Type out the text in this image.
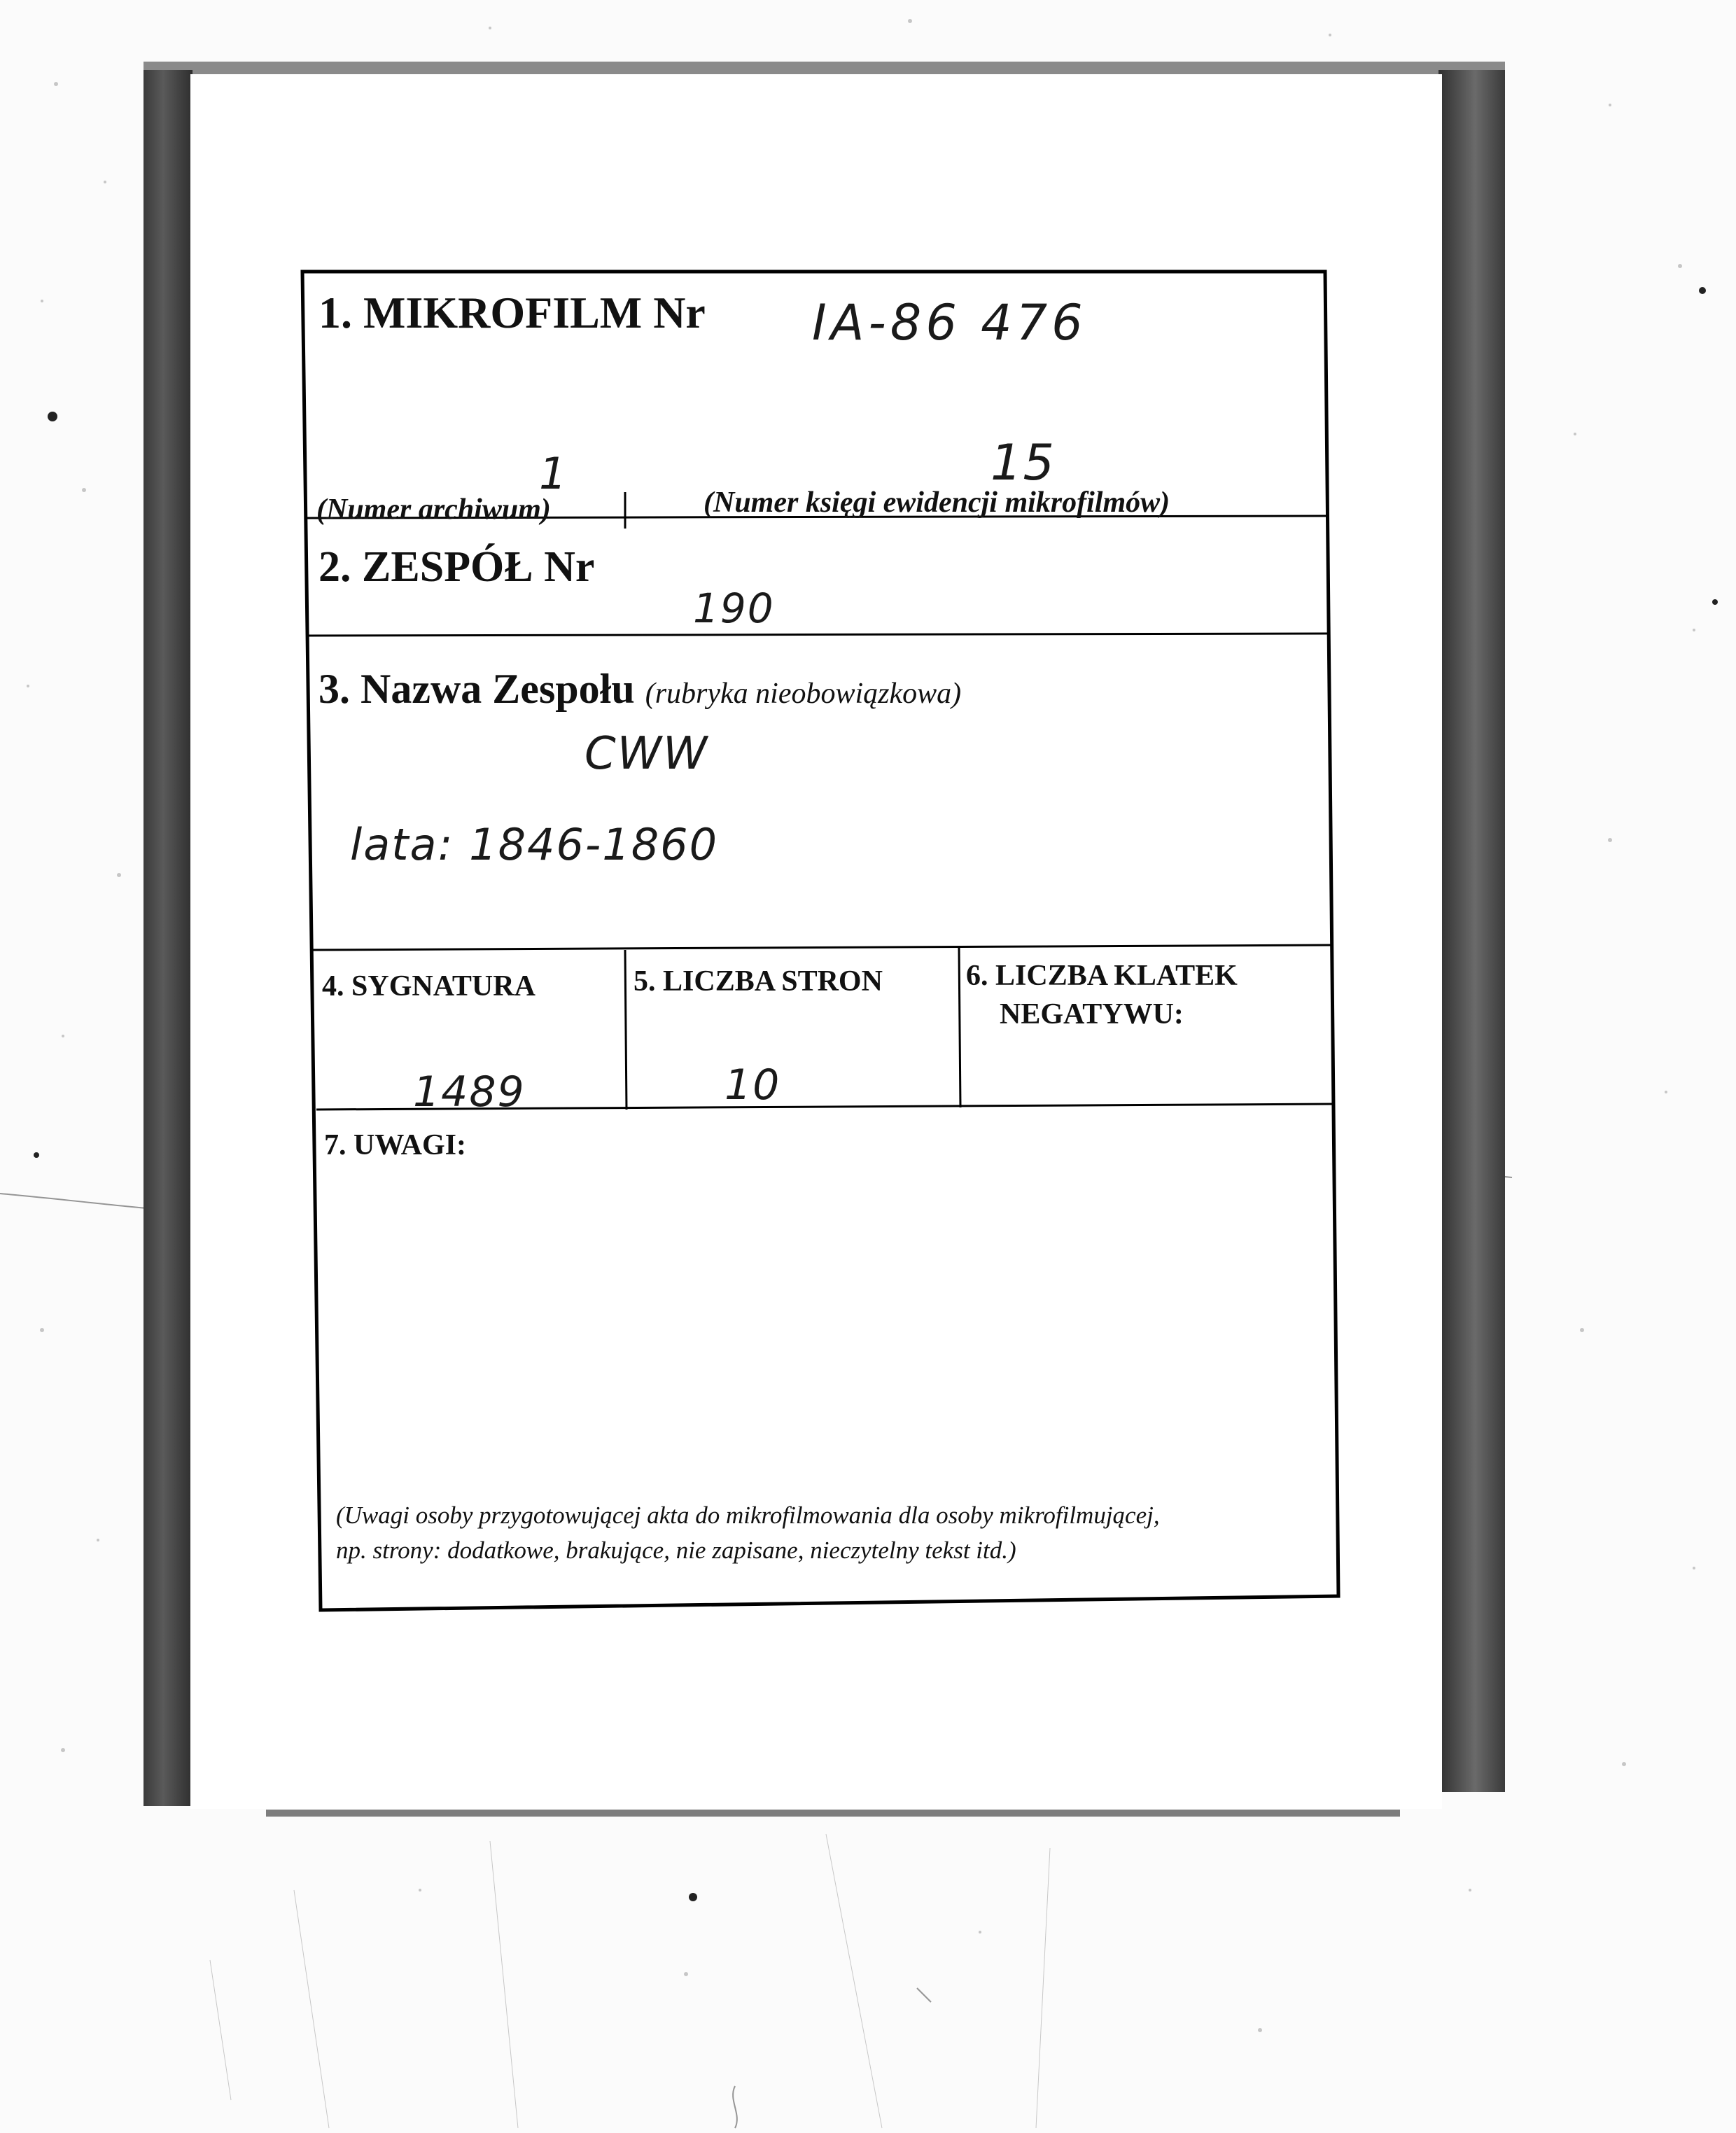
1. MIKROFILM Nr IA-86 476

1	15

(Numer archiwum)	(Numer księgi ewidencji mikrofilmów)

2. ZESPÓŁ Nr

190

3. Nazwa Zespołu (rubryka nieobowiązkowa)

CWW

lata: 1846-1860

4. SYGNATURA

1489

5. LICZBA STRON

10

6. LICZBA KLATEK

NEGATYWU:

7. UWAGI:

(Uwagi osoby przygotowującej akta do mikrofilmowania dla osoby mikrofilmującej,

np. strony: dodatkowe, brakujące, nie zapisane, nieczytelny tekst itd.)
